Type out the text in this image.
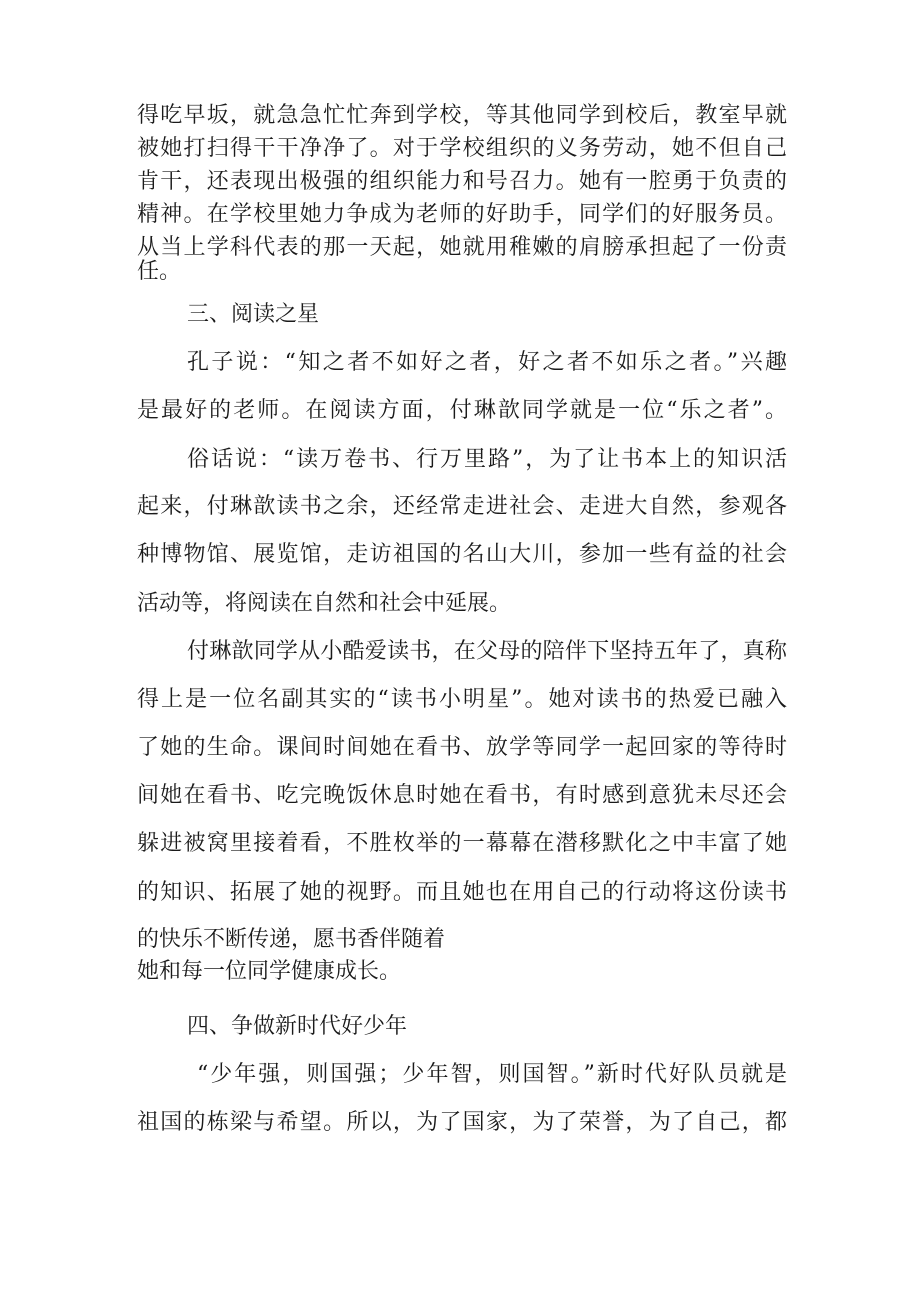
得吃早坂，就急急忙忙奔到学校，等其他同学到校后，教室早就
被她打扫得干干净净了。对于学校组织的义务劳动，她不但自己
肯干，还表现出极强的组织能力和号召力。她有一腔勇于负责的
精神。在学校里她力争成为老师的好助手，同学们的好服务员。
从当上学科代表的那一天起，她就用稚嫩的肩膀承担起了一份责
任。
三、阅读之星
孔子说：“知之者不如好之者，好之者不如乐之者。”兴趣
是最好的老师。在阅读方面，付琳歆同学就是一位“乐之者”。
俗话说：“读万卷书、行万里路”，为了让书本上的知识活
起来，付琳歆读书之余，还经常走进社会、走进大自然，参观各
种博物馆、展览馆，走访祖国的名山大川，参加一些有益的社会
活动等，将阅读在自然和社会中延展。
付琳歆同学从小酷爱读书，在父母的陪伴下坚持五年了，真称
得上是一位名副其实的“读书小明星”。她对读书的热爱已融入
了她的生命。课间时间她在看书、放学等同学一起回家的等待时
间她在看书、吃完晚饭休息时她在看书，有时感到意犹未尽还会
躲进被窝里接着看，不胜枚举的一幕幕在潜移默化之中丰富了她
的知识、拓展了她的视野。而且她也在用自己的行动将这份读书
的快乐不断传递，愿书香伴随着
她和每一位同学健康成长。
四、争做新时代好少年
“少年强，则国强；少年智，则国智。”新时代好队员就是
祖国的栋梁与希望。所以，为了国家，为了荣誉，为了自己，都
